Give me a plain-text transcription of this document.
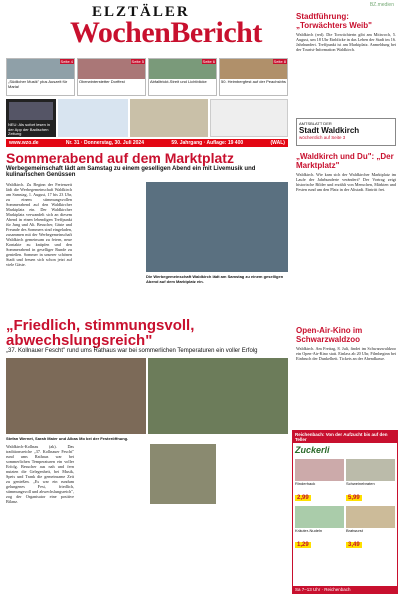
ELZTÄLER
WochenBericht
Seite 4
„Südlicher Musik" plus Auszeit für Maria!
Seite 5
Oberwinterstetter Dorffest
Seite 6
Abfalltrickt-Streit und Lichtblicke
Seite 8
50. Heimbergfest auf der Peachsbhs
NEU: Als sofort lesen in der App der Badischen Zeitung
www.wzo.de	Nr. 31 · Donnerstag, 30. Juli 2024	59. Jahrgang · Auflage: 19 400	(WAL)
Sommerabend auf dem Marktplatz
Werbegemeinschaft lädt am Samstag zu einem geselligen Abend ein mit Livemusik und kulinarischen Genüssen
Waldkirch. Zu Beginn der Ferienzeit lädt die Werbegemeinschaft Waldkirch am Samstag, 1. August, 17 bis 23 Uhr, zu einem stimmungsvollen Sommerabend auf den Waldkircher Marktplatz ein. Der Waldkircher Marktplatz verwandelt sich an diesem Abend in einen lebendigen Treffpunkt für Jung und Alt. Besucher, Gäste und Freunde des Sommers sind eingeladen, zusammen mit der Werbegemeinschaft Waldkirch gemeinsam zu feiern, neue Kontakte zu knüpfen und den Sommerabend in geselliger Runde zu genießen. Sommer in unserer schönen Stadt und freuen sich schon jetzt auf viele Gäste.
Die Werbegemeinschaft Waldkirch lädt am Samstag zu einem geselligen Abend auf dem Marktplatz ein.
„Friedlich, stimmungsvoll, abwechslungsreich"
„37. Kollnauer Fescht" rund ums Rathaus war bei sommerlichen Temperaturen ein voller Erfolg
Stefan Wernet, Sarah Maier und Albas Mo bei der Festeröffnung.
Waldkirch-Kollnau (ak). Das traditionsreiche „37. Kollnauer Fescht" rund ums Rathaus war bei sommerlichen Temperaturen ein voller Erfolg. Besucher aus nah und fern nutzten die Gelegenheit, bei Musik, Speis und Trank die gemeinsame Zeit zu genießen. „Es war ein rundum gelungenes Fest, friedlich, stimmungsvoll und abwechslungsreich", zog der Organisator eine positive Bilanz.
BZ.medien
Stadtführung: „Torwächters Weib"
Waldkirch (red). Die Torwächterin gibt am Mittwoch, 5. August, um 18 Uhr Einblicke in das Leben der Stadt im 16. Jahrhundert. Treffpunkt ist am Marktplatz. Anmeldung bei der Tourist-Information Waldkirch.
AMTSBLATT DER
Stadt Waldkirch
wöchentlich auf Seite 3
„Waldkirch und Du": „Der Marktplatz"
Waldkirch. Wie kam sich der Waldkircher Marktplatz im Laufe der Jahrhunderte verändert? Der Vortrag zeigt historische Bilder und erzählt von Menschen, Märkten und Festen rund um den Platz in der Altstadt. Eintritt frei.
Open-Air-Kino im Schwarzwaldzoo
Waldkirch. Am Freitag, 8. Juli, findet im Schwarzwaldzoo ein Open-Air-Kino statt. Einlass ab 20 Uhr, Filmbeginn bei Einbruch der Dunkelheit. Tickets an der Abendkasse.
Reichenbach: Von der Aufzucht bis auf den Teller
Zuckerli
Rinderhack
2,99
Schweinebraten
5,99
Kräuter-Nudeln
1,29
Bratwurst
3,49
Sa 7–13 Uhr · Reichenbach
